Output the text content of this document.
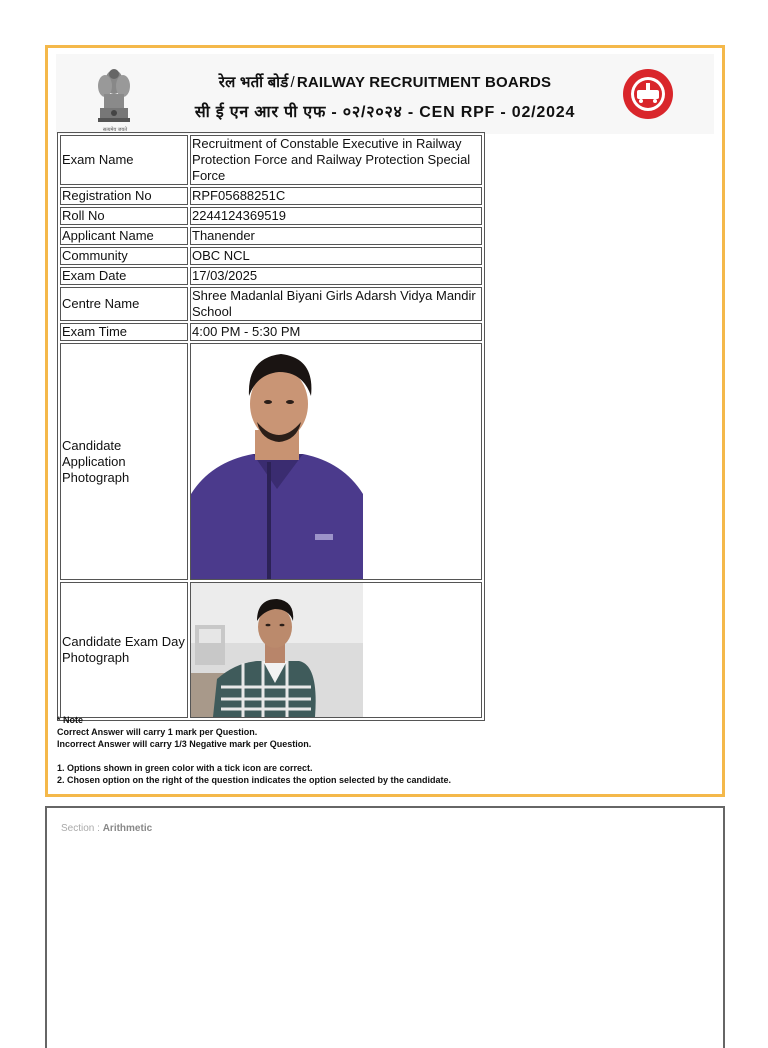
सत्यमेव जयते
रेल भर्ती बोर्ड / RAILWAY RECRUITMENT BOARDS
सी ई एन आर पी एफ - ०२/२०२४ - CEN RPF - 02/2024
Exam Name	Recruitment of Constable Executive in Railway Protection Force and Railway Protection Special Force
Registration No	RPF05688251C
Roll No	2244124369519
Applicant Name	Thanender
Community	OBC NCL
Exam Date	17/03/2025
Centre Name	Shree Madanlal Biyani Girls Adarsh Vidya Mandir School
Exam Time	4:00 PM - 5:30 PM
Candidate Application Photograph	

Candidate Exam Day Photograph	
* Note
Correct Answer will carry 1 mark per Question.
Incorrect Answer will carry 1/3 Negative mark per Question.
1. Options shown in green color with a tick icon are correct.
2. Chosen option on the right of the question indicates the option selected by the candidate.
Section : Arithmetic
